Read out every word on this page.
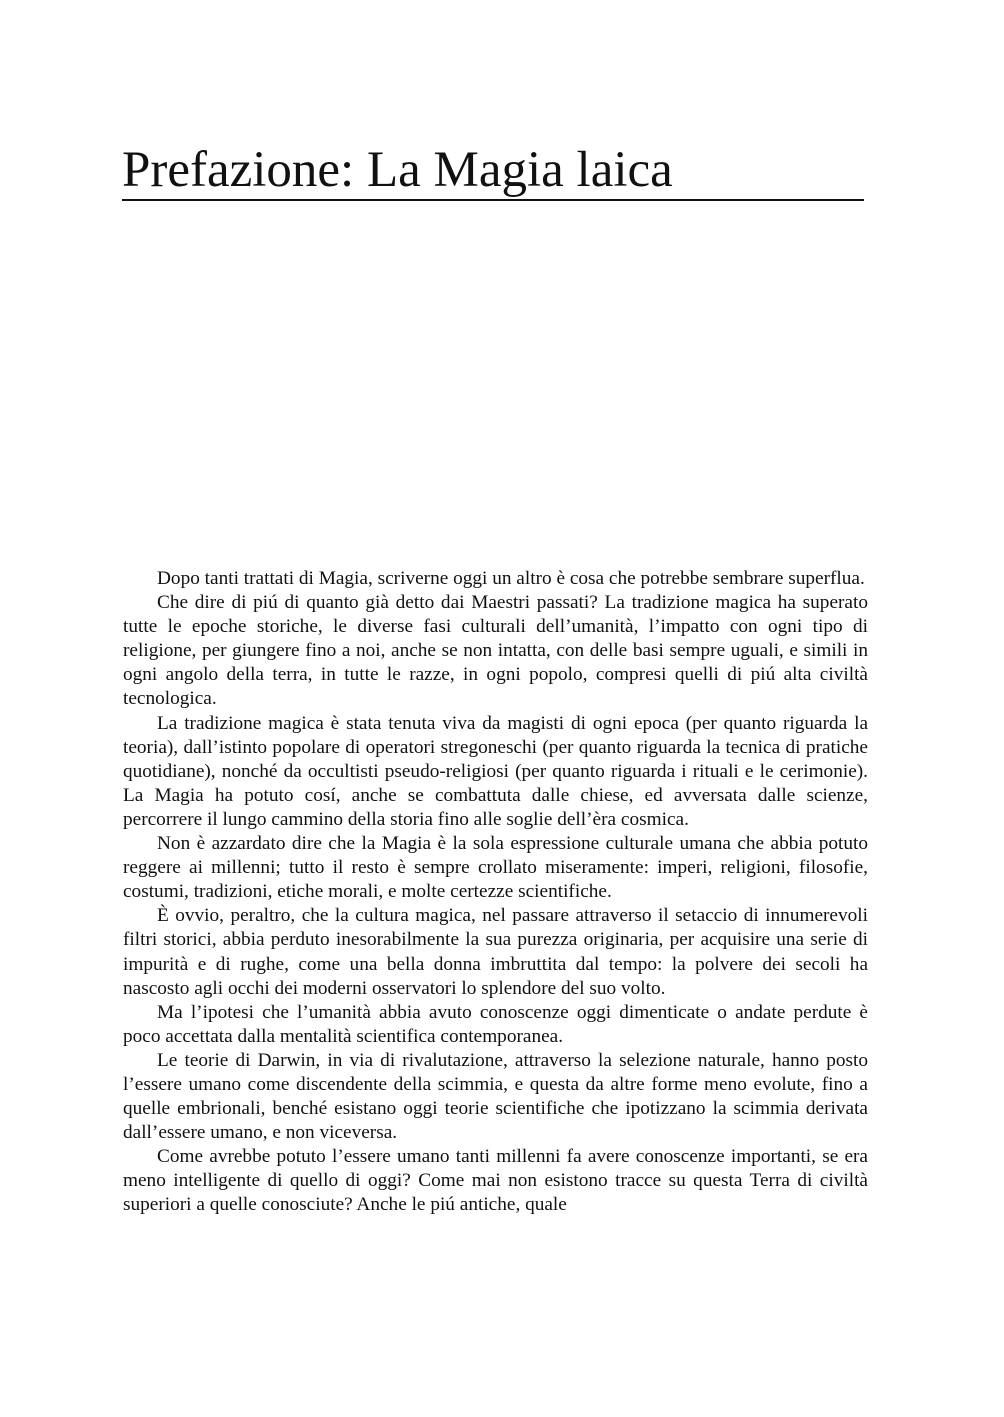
Prefazione: La Magia laica

Dopo tanti trattati di Magia, scriverne oggi un altro è cosa che potrebbe sembrare superflua.

Che dire di piú di quanto già detto dai Maestri passati? La tradizione magica ha superato tutte le epoche storiche, le diverse fasi culturali dell’umanità, l’impatto con ogni tipo di religione, per giungere fino a noi, anche se non intatta, con delle basi sempre uguali, e simili in ogni angolo della terra, in tutte le razze, in ogni popolo, compresi quelli di piú alta civiltà tecnologica.

La tradizione magica è stata tenuta viva da magisti di ogni epoca (per quanto riguarda la teoria), dall’istinto popolare di operatori stregoneschi (per quanto riguarda la tecnica di pratiche quotidiane), nonché da occultisti pseudo-religiosi (per quanto riguarda i rituali e le cerimonie). La Magia ha potuto cosí, anche se combattuta dalle chiese, ed avversata dalle scienze, percorrere il lungo cammino della storia fino alle soglie dell’èra cosmica.

Non è azzardato dire che la Magia è la sola espressione culturale umana che abbia potuto reggere ai millenni; tutto il resto è sempre crollato miseramente: imperi, religioni, filosofie, costumi, tradizioni, etiche morali, e molte certezze scientifiche.

È ovvio, peraltro, che la cultura magica, nel passare attraverso il setaccio di innumerevoli filtri storici, abbia perduto inesorabilmente la sua purezza originaria, per acquisire una serie di impurità e di rughe, come una bella donna imbruttita dal tempo: la polvere dei secoli ha nascosto agli occhi dei moderni osservatori lo splendore del suo volto.

Ma l’ipotesi che l’umanità abbia avuto conoscenze oggi dimenticate o andate perdute è poco accettata dalla mentalità scientifica contemporanea.

Le teorie di Darwin, in via di rivalutazione, attraverso la selezione naturale, hanno posto l’essere umano come discendente della scimmia, e questa da altre forme meno evolute, fino a quelle embrionali, benché esistano oggi teorie scientifiche che ipotizzano la scimmia derivata dall’essere umano, e non viceversa.

Come avrebbe potuto l’essere umano tanti millenni fa avere conoscenze importanti, se era meno intelligente di quello di oggi? Come mai non esistono tracce su questa Terra di civiltà superiori a quelle conosciute? Anche le piú antiche, quale
